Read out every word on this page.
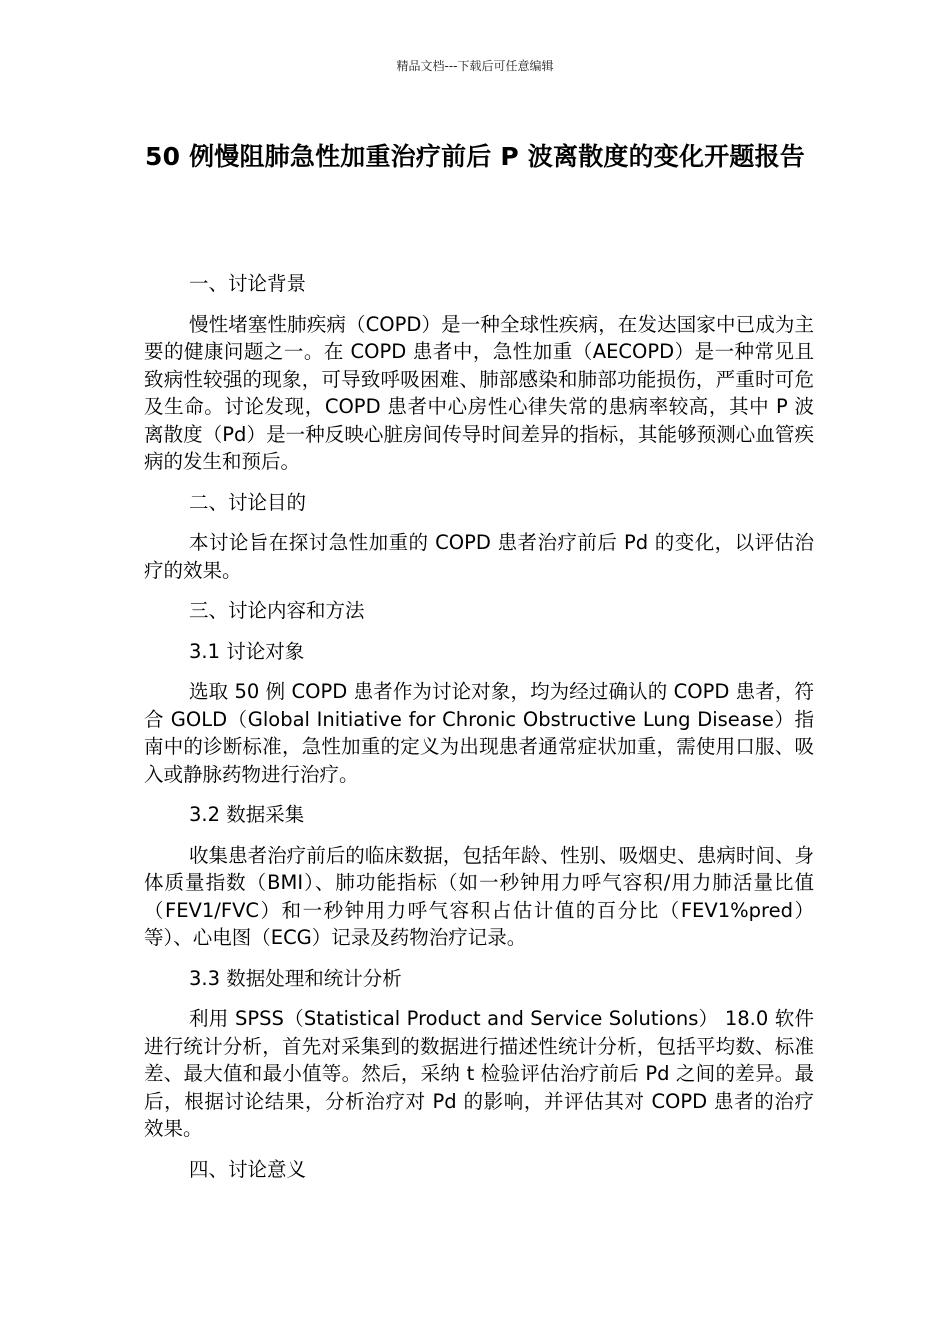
精品文档---下载后可任意编辑
50 例慢阻肺急性加重治疗前后 P 波离散度的变化开题报告

一、讨论背景

慢性堵塞性肺疾病（COPD）是一种全球性疾病，在发达国家中已成为主要的健康问题之一。在 COPD 患者中，急性加重（AECOPD）是一种常见且致病性较强的现象，可导致呼吸困难、肺部感染和肺部功能损伤，严重时可危及生命。讨论发现，COPD 患者中心房性心律失常的患病率较高，其中 P 波离散度（Pd）是一种反映心脏房间传导时间差异的指标，其能够预测心血管疾病的发生和预后。

二、讨论目的

本讨论旨在探讨急性加重的 COPD 患者治疗前后 Pd 的变化，以评估治疗的效果。

三、讨论内容和方法

3.1 讨论对象

选取 50 例 COPD 患者作为讨论对象，均为经过确认的 COPD 患者，符合 GOLD（Global Initiative for Chronic Obstructive Lung Disease）指南中的诊断标准，急性加重的定义为出现患者通常症状加重，需使用口服、吸入或静脉药物进行治疗。

3.2 数据采集

收集患者治疗前后的临床数据，包括年龄、性别、吸烟史、患病时间、身体质量指数（BMI）、肺功能指标（如一秒钟用力呼气容积/用力肺活量比值（FEV1/FVC）和一秒钟用力呼气容积占估计值的百分比（FEV1%pred）等）、心电图（ECG）记录及药物治疗记录。

3.3 数据处理和统计分析

利用 SPSS（Statistical Product and Service Solutions） 18.0 软件进行统计分析，首先对采集到的数据进行描述性统计分析，包括平均数、标准差、最大值和最小值等。然后，采纳 t 检验评估治疗前后 Pd 之间的差异。最后，根据讨论结果，分析治疗对 Pd 的影响，并评估其对 COPD 患者的治疗效果。

四、讨论意义
